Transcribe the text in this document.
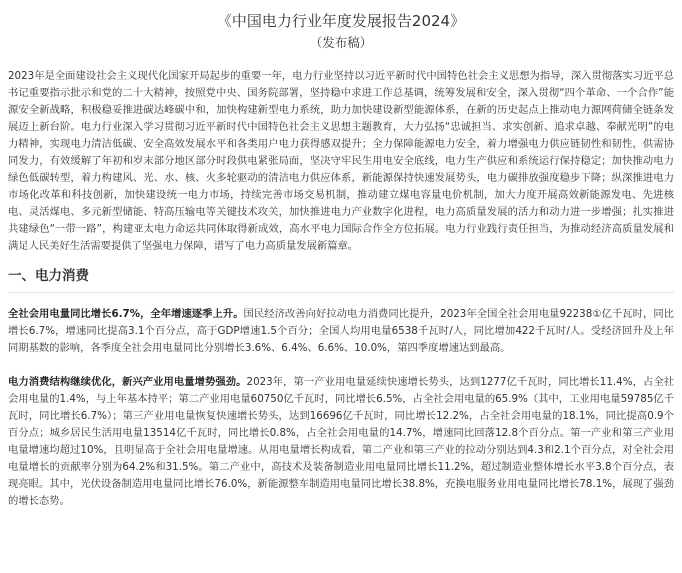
《中国电力行业年度发展报告2024》
（发布稿）

2023年是全面建设社会主义现代化国家开局起步的重要一年，电力行业坚持以习近平新时代中国特色社会主义思想为指导，深入贯彻落实习近平总书记重要指示批示和党的二十大精神，按照党中央、国务院部署，坚持稳中求进工作总基调，统筹发展和安全，深入贯彻“四个革命、一个合作”能源安全新战略，积极稳妥推进碳达峰碳中和，加快构建新型电力系统，助力加快建设新型能源体系，在新的历史起点上推动电力源网荷储全链条发展迈上新台阶。电力行业深入学习贯彻习近平新时代中国特色社会主义思想主题教育，大力弘扬“忠诚担当、求实创新、追求卓越、奉献光明”的电力精神，实现电力清洁低碳、安全高效发展水平和各类用户电力获得感双提升；全力保障能源电力安全，着力增强电力供应链韧性和韧性，供需协同发力，有效缓解了年初和岁末部分地区部分时段供电紧张局面，坚决守牢民生用电安全底线，电力生产供应和系统运行保持稳定；加快推动电力绿色低碳转型，着力构建风、光、水、核、火多轮驱动的清洁电力供应体系，新能源保持快速发展势头，电力碳排放强度稳步下降；纵深推进电力市场化改革和科技创新，加快建设统一电力市场，持续完善市场交易机制，推动建立煤电容量电价机制，加大力度开展高效新能源发电、先进核电、灵活煤电、多元新型储能、特高压输电等关键技术攻关，加快推进电力产业数字化进程，电力高质量发展的活力和动力进一步增强；扎实推进共建绿色“一带一路”，构建亚太电力命运共同体取得新成效，高水平电力国际合作全方位拓展。电力行业践行责任担当，为推动经济高质量发展和满足人民美好生活需要提供了坚强电力保障，谱写了电力高质量发展新篇章。

一、电力消费

全社会用电量同比增长6.7%，全年增速逐季上升。国民经济改善向好拉动电力消费同比提升，2023年全国全社会用电量92238①亿千瓦时，同比增长6.7%，增速同比提高3.1个百分点，高于GDP增速1.5个百分；全国人均用电量6538千瓦时/人，同比增加422千瓦时/人。受经济回升及上年同期基数的影响，各季度全社会用电量同比分别增长3.6%、6.4%、6.6%、10.0%，第四季度增速达到最高。

电力消费结构继续优化，新兴产业用电量增势强劲。2023年，第一产业用电量延续快速增长势头，达到1277亿千瓦时，同比增长11.4%，占全社会用电量的1.4%，与上年基本持平；第二产业用电量60750亿千瓦时，同比增长6.5%，占全社会用电量的65.9%（其中，工业用电量59785亿千瓦时，同比增长6.7%）；第三产业用电量恢复快速增长势头，达到16696亿千瓦时，同比增长12.2%，占全社会用电量的18.1%，同比提高0.9个百分点；城乡居民生活用电量13514亿千瓦时，同比增长0.8%，占全社会用电量的14.7%，增速同比回落12.8个百分点。第一产业和第三产业用电量增速均超过10%，且明显高于全社会用电量增速。从用电量增长构成看，第二产业和第三产业的拉动分别达到4.3和2.1个百分点，对全社会用电量增长的贡献率分别为64.2%和31.5%。第二产业中，高技术及装备制造业用电量同比增长11.2%，超过制造业整体增长水平3.8个百分点，表现亮眼。其中，光伏设备制造用电量同比增长76.0%，新能源整车制造用电量同比增长38.8%，充换电服务业用电量同比增长78.1%，展现了强劲的增长态势。
